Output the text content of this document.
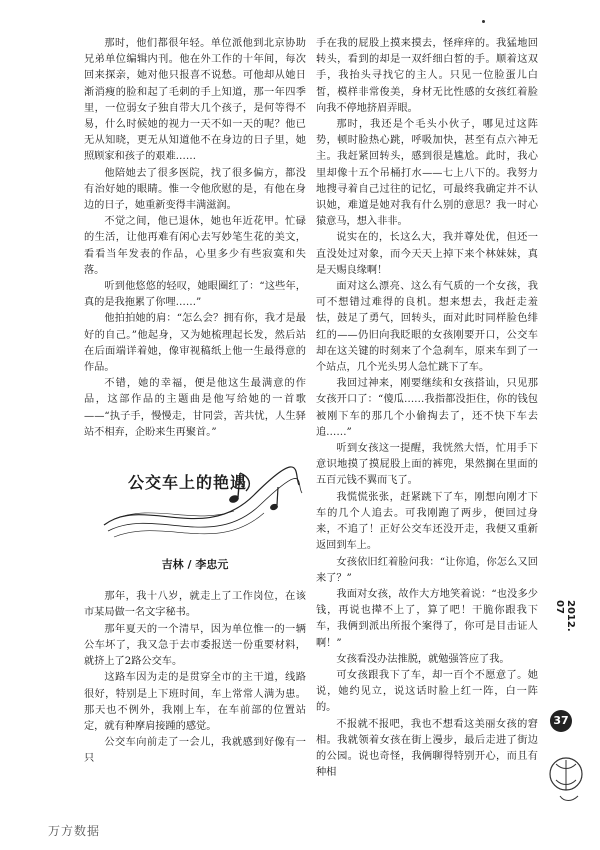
那时，他们都很年轻。单位派他到北京协助兄弟单位编辑内刊。他在外工作的十年间，每次回来探亲，她对他只报喜不说愁。可他却从她日渐消瘦的脸和起了毛刺的手上知道，那一年四季里，一位弱女子独自带大几个孩子，是何等得不易，什么时候她的视力一天不如一天的呢？他已无从知晓，更无从知道他不在身边的日子里，她照顾家和孩子的艰难……

他陪她去了很多医院，找了很多偏方，都没有治好她的眼睛。惟一令他欣慰的是，有他在身边的日子，她重新变得丰满滋润。

不觉之间，他已退休，她也年近花甲。忙碌的生活，让他再难有闲心去写妙笔生花的美文，看看当年发表的作品，心里多少有些寂寞和失落。

听到他悠悠的轻叹，她眼圈红了：“这些年，真的是我拖累了你哩……”

他拍拍她的肩：“怎么会？拥有你，我才是最好的自己。”他起身，又为她梳理起长发，然后站在后面端详着她，像审视稿纸上他一生最得意的作品。

不错，她的幸福，便是他这生最满意的作品，这部作品的主题曲是他写给她的一首歌——“执子手，慢慢走，甘同尝，苦共忧，人生驿站不相弃，企盼来生再聚首。”

公交车上的艳遇
吉林 / 李忠元

那年，我十八岁，就走上了工作岗位，在该市某局做一名文字秘书。

那年夏天的一个清早，因为单位惟一的一辆公车坏了，我又急于去市委报送一份重要材料，就挤上了2路公交车。

这路车因为走的是贯穿全市的主干道，线路很好，特别是上下班时间，车上常常人满为患。那天也不例外，我刚上车，在车前部的位置站定，就有种摩肩接踵的感觉。

公交车向前走了一会儿，我就感到好像有一只

手在我的屁股上摸来摸去，怪痒痒的。我猛地回转头，看到的却是一双纤细白皙的手。顺着这双手，我抬头寻找它的主人。只见一位脸蛋儿白皙，模样非常俊美，身材无比性感的女孩红着脸向我不停地挤眉弄眼。

那时，我还是个毛头小伙子，哪见过这阵势，顿时脸热心跳，呼吸加快，甚至有点六神无主。我赶紧回转头，感到很是尴尬。此时，我心里却像十五个吊桶打水——七上八下的。我努力地搜寻着自己过往的记忆，可最终我确定并不认识她，难道是她对我有什么别的意思？我一时心猿意马，想入非非。

说实在的，长这么大，我并尊处优，但还一直没处过对象，而今天天上掉下来个林妹妹，真是天赐良缘啊！

面对这么漂亮、这么有气质的一个女孩，我可不想错过难得的良机。想来想去，我赶走羞怯，鼓足了勇气，回转头，面对此时同样脸色绯红的——仍旧向我眨眼的女孩刚要开口，公交车却在这关键的时刻来了个急刹车，原来车到了一个站点，几个光头男人急忙跳下了车。

我回过神来，刚要继续和女孩搭讪，只见那女孩开口了：“傻瓜……我指都没拒住，你的钱包被刚下车的那几个小偷掏去了，还不快下车去追……”

听到女孩这一提醒，我恍然大悟，忙用手下意识地摸了摸屁股上面的裤兜，果然搁在里面的五百元钱不翼而飞了。

我慌慌张张，赶紧跳下了车，刚想向刚才下车的几个人追去。可我刚跑了两步，便回过身来，不追了！正好公交车还没开走，我便又重新返回到车上。

女孩依旧红着脸问我：“让你追，你怎么又回来了？”

我面对女孩，故作大方地笑着说：“也没多少钱，再说也撵不上了，算了吧！干脆你跟我下车，我俩到派出所报个案得了，你可是目击证人啊！”

女孩看没办法推脱，就勉强答应了我。

可女孩跟我下了车，却一百个不愿意了。她说，她约见立，说这话时脸上红一阵，白一阵的。

不报就不报吧，我也不想看这美丽女孩的窘相。我就领着女孩在街上漫步，最后走进了街边的公园。说也奇怪，我俩聊得特别开心，而且有种相

2012. 07
37
万方数据
